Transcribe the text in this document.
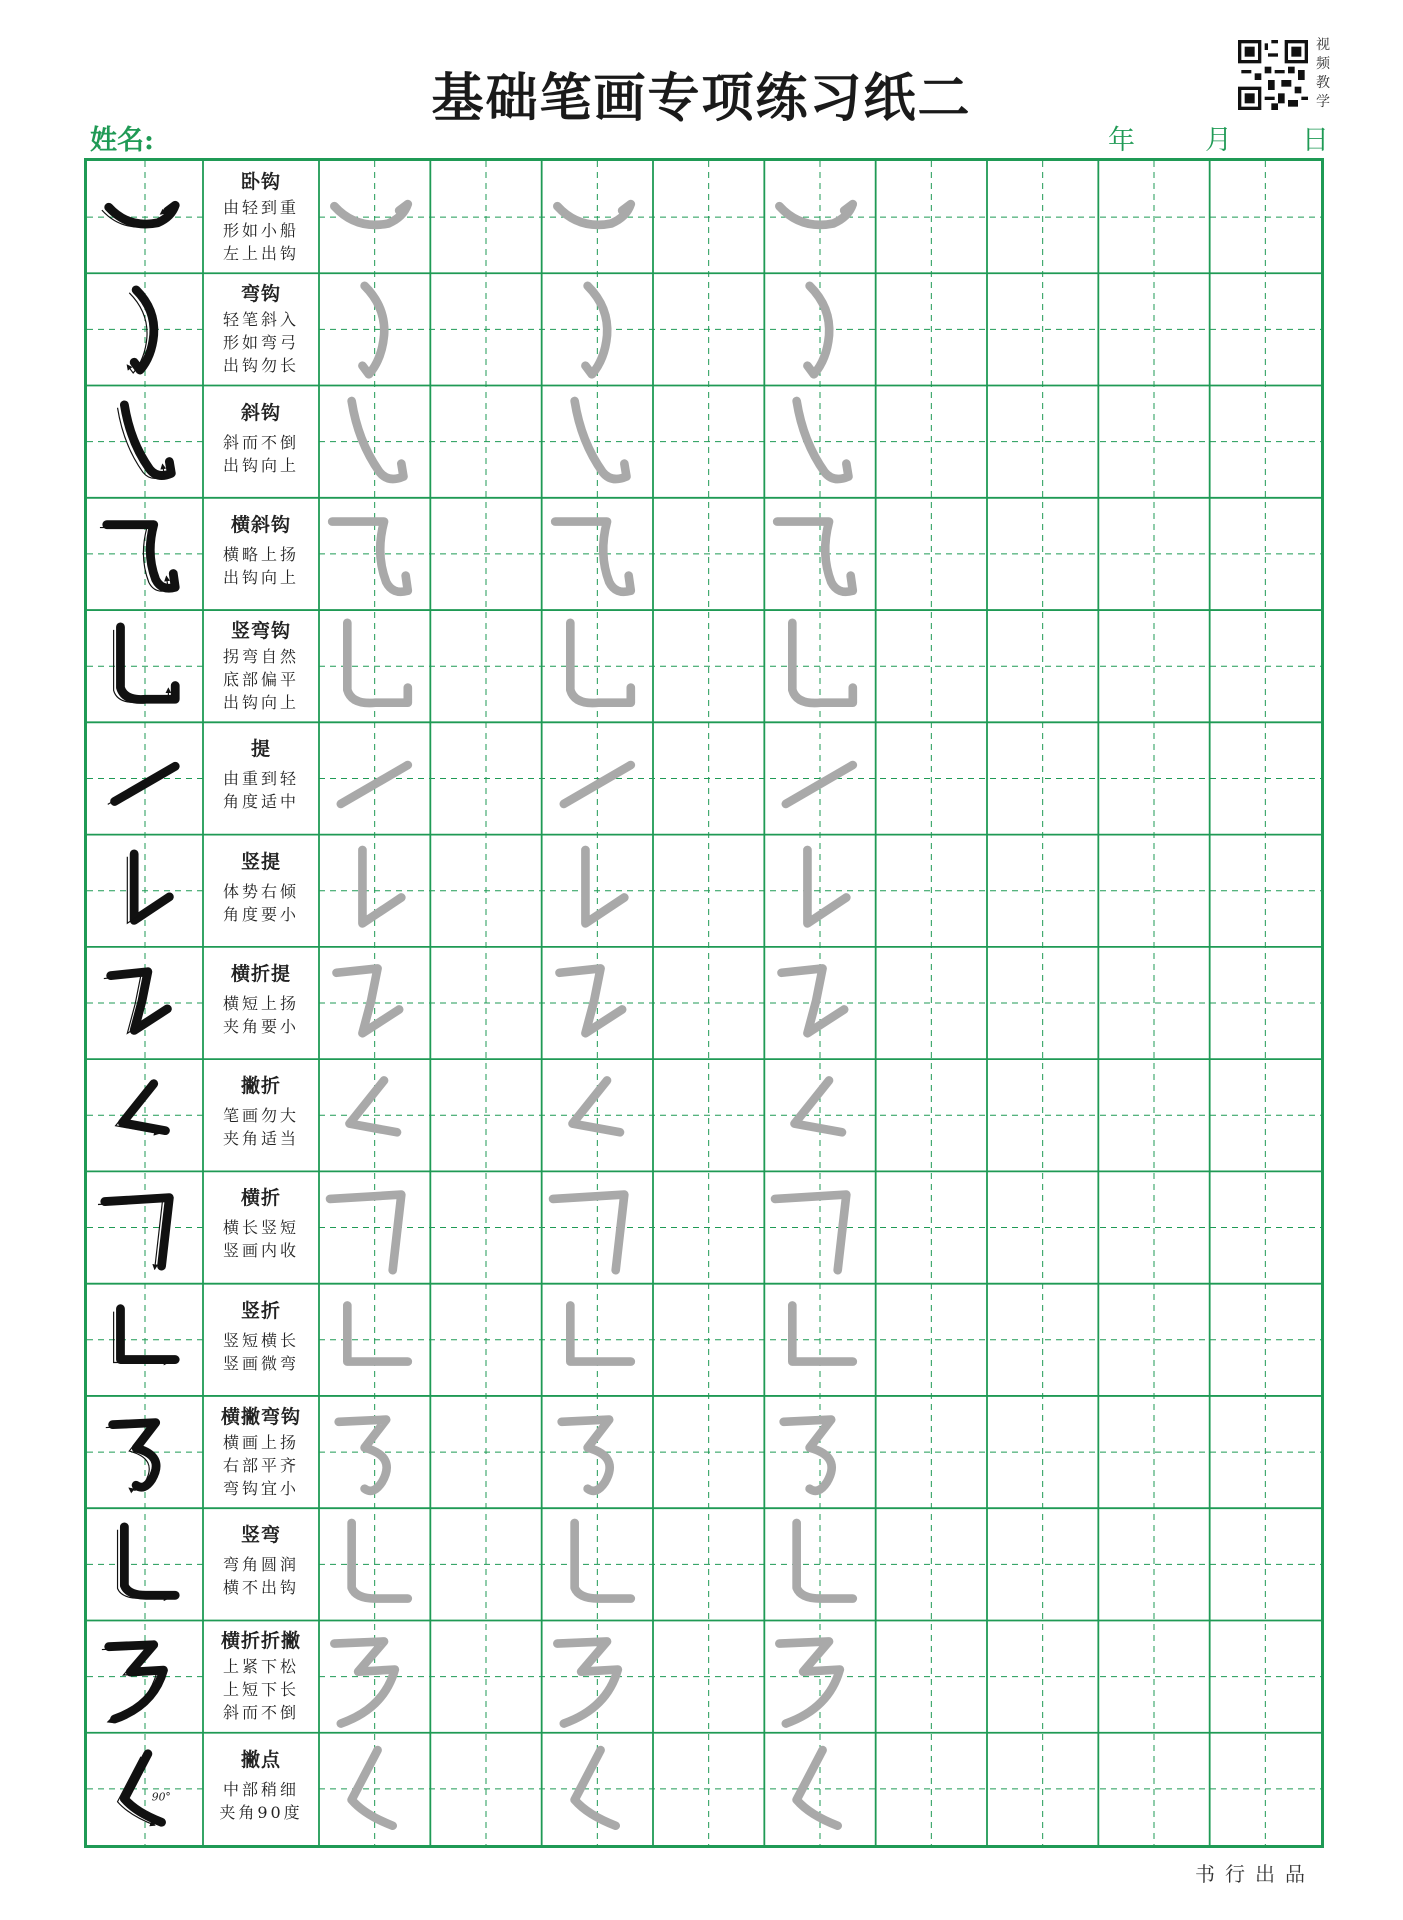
基础笔画专项练习纸二
姓名:	年	月	日
视
频
教
学
卧钩
由轻到重
形如小船
左上出钩
弯钩
轻笔斜入
形如弯弓
出钩勿长
斜钩
斜而不倒
出钩向上
横斜钩
横略上扬
出钩向上
竖弯钩
拐弯自然
底部偏平
出钩向上
提
由重到轻
角度适中
竖提
体势右倾
角度要小
横折提
横短上扬
夹角要小
撇折
笔画勿大
夹角适当
横折
横长竖短
竖画内收
竖折
竖短横长
竖画微弯
横撇弯钩
横画上扬
右部平齐
弯钩宜小
竖弯
弯角圆润
横不出钩
横折折撇
上紧下松
上短下长
斜而不倒
90°
撇点
中部稍细
夹角90度
书行出品
